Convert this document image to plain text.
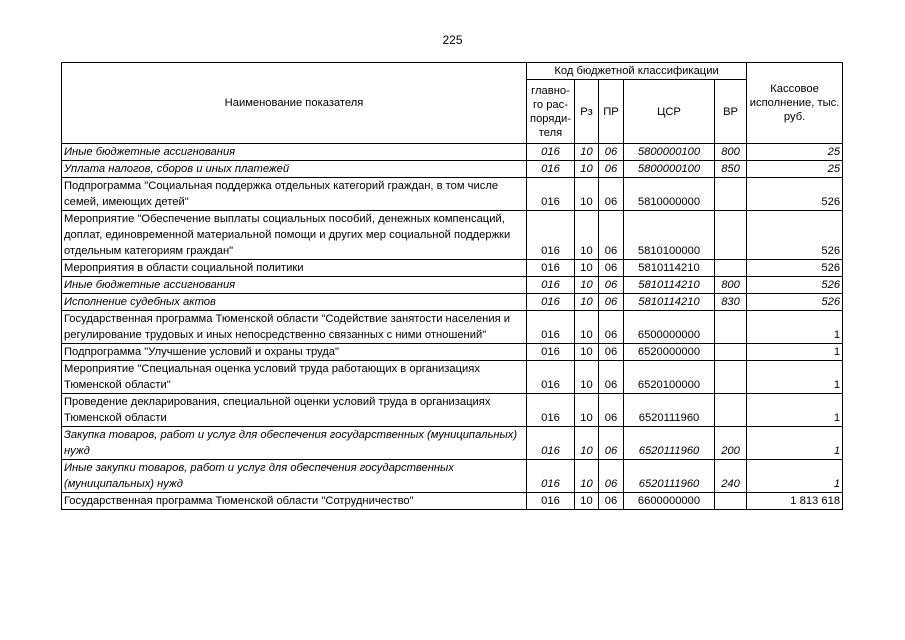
225
Наименование показателя	Код бюджетной классификации					Кассовое исполнение, тыс. руб.
	главно-го рас-поряди-теля	Рз	ПР	ЦСР	ВР	
Иные бюджетные ассигнования	016	10	06	5800000100	800	25
Уплата налогов, сборов и иных платежей	016	10	06	5800000100	850	25
Подпрограмма "Социальная поддержка отдельных категорий граждан, в том числе семей, имеющих детей"	016	10	06	5810000000		526
Мероприятие "Обеспечение выплаты социальных пособий, денежных компенсаций, доплат, единовременной материальной помощи и других мер социальной поддержки отдельным категориям граждан"	016	10	06	5810100000		526
Мероприятия в области социальной политики	016	10	06	5810114210		526
Иные бюджетные ассигнования	016	10	06	5810114210	800	526
Исполнение судебных актов	016	10	06	5810114210	830	526
Государственная программа Тюменской области "Содействие занятости населения и регулирование трудовых и иных непосредственно связанных с ними отношений"	016	10	06	6500000000		1
Подпрограмма "Улучшение условий и охраны труда"	016	10	06	6520000000		1
Мероприятие "Специальная оценка условий труда работающих в организациях Тюменской области"	016	10	06	6520100000		1
Проведение декларирования, специальной оценки условий труда в организациях Тюменской области	016	10	06	6520111960		1
Закупка товаров, работ и услуг для обеспечения государственных (муниципальных) нужд	016	10	06	6520111960	200	1
Иные закупки товаров, работ и услуг для обеспечения государственных (муниципальных) нужд	016	10	06	6520111960	240	1
Государственная программа Тюменской области "Сотрудничество"	016	10	06	6600000000		1 813 618
